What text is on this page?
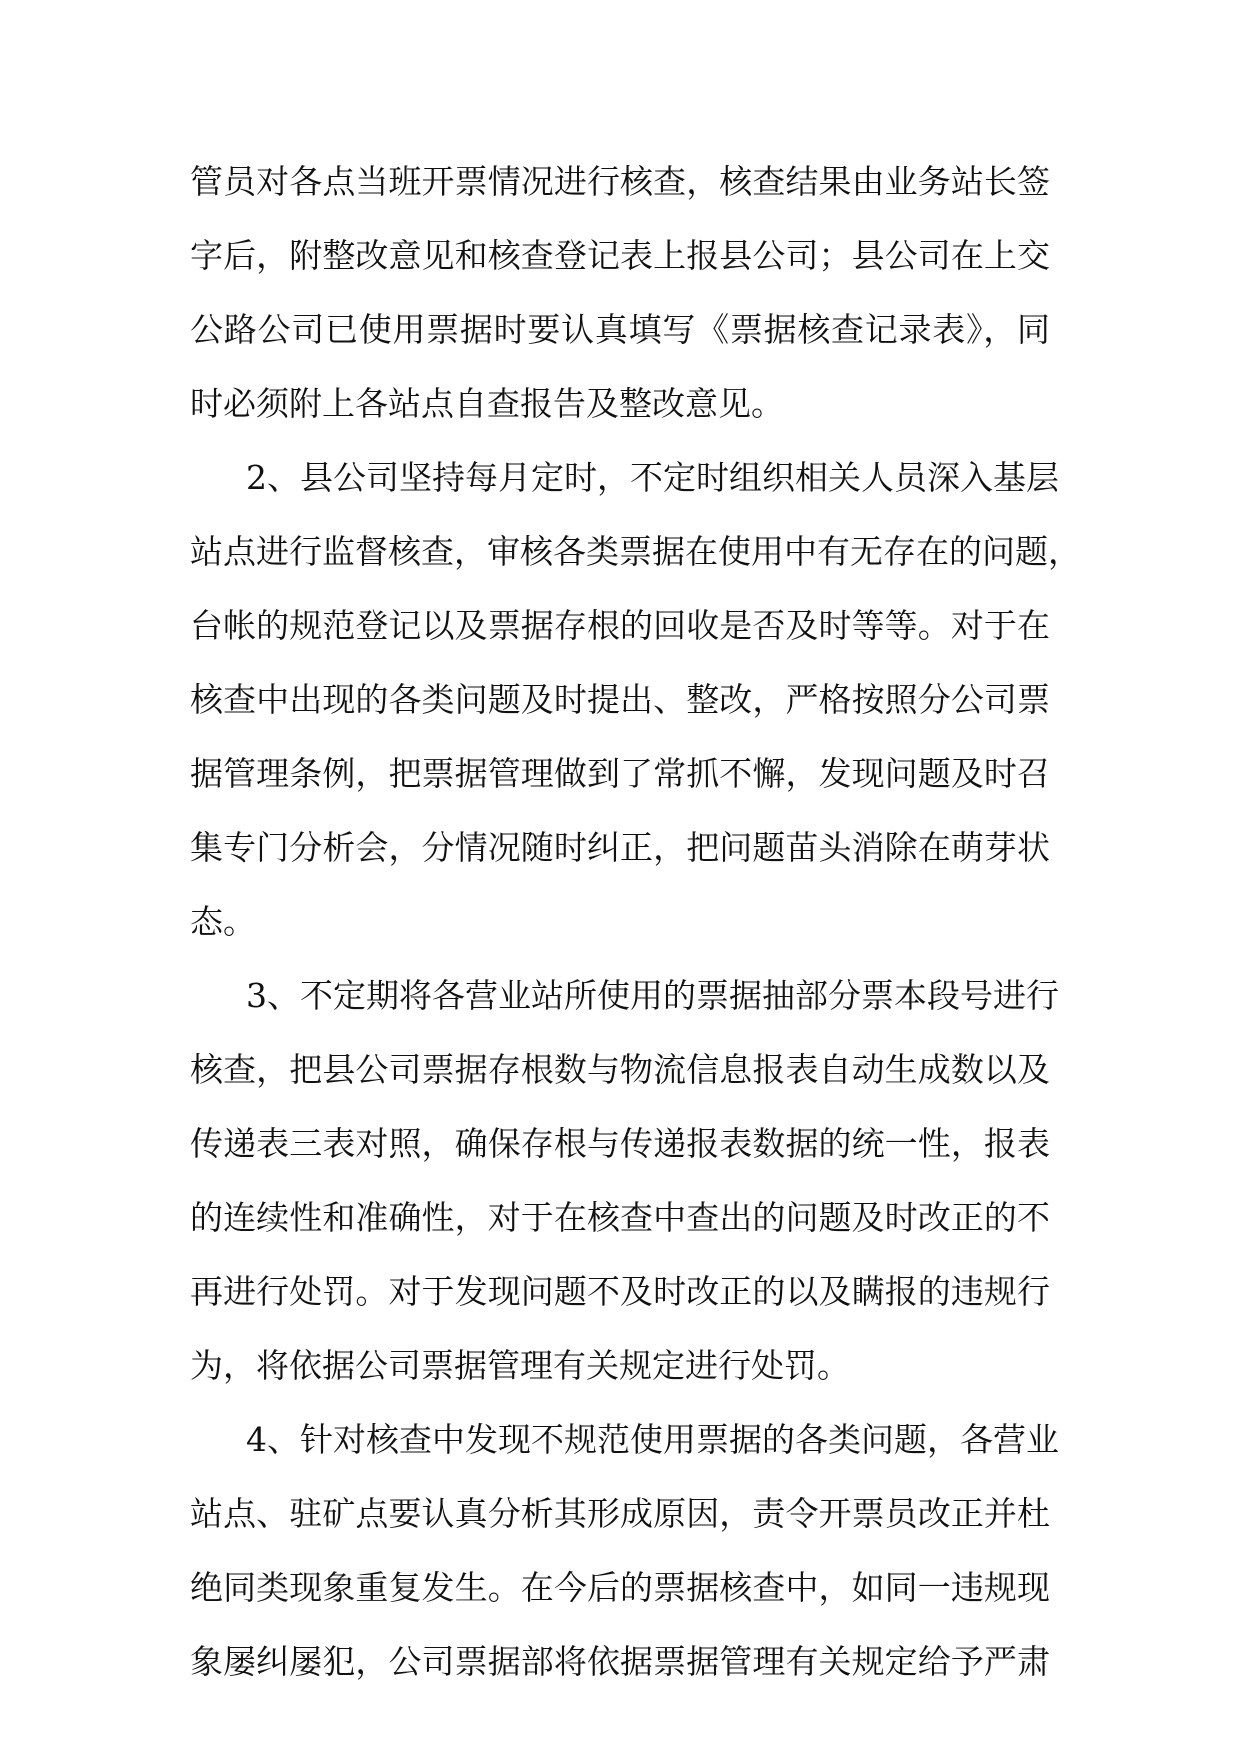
管员对各点当班开票情况进行核查，核查结果由业务站长签
字后，附整改意见和核查登记表上报县公司；县公司在上交
公路公司已使用票据时要认真填写《票据核查记录表》，同
时必须附上各站点自查报告及整改意见。
2、县公司坚持每月定时，不定时组织相关人员深入基层
站点进行监督核查，审核各类票据在使用中有无存在的问题，
台帐的规范登记以及票据存根的回收是否及时等等。对于在
核查中出现的各类问题及时提出、整改，严格按照分公司票
据管理条例，把票据管理做到了常抓不懈，发现问题及时召
集专门分析会，分情况随时纠正，把问题苗头消除在萌芽状
态。
3、不定期将各营业站所使用的票据抽部分票本段号进行
核查，把县公司票据存根数与物流信息报表自动生成数以及
传递表三表对照，确保存根与传递报表数据的统一性，报表
的连续性和准确性，对于在核查中查出的问题及时改正的不
再进行处罚。对于发现问题不及时改正的以及瞒报的违规行
为，将依据公司票据管理有关规定进行处罚。
4、针对核查中发现不规范使用票据的各类问题，各营业
站点、驻矿点要认真分析其形成原因，责令开票员改正并杜
绝同类现象重复发生。在今后的票据核查中，如同一违规现
象屡纠屡犯，公司票据部将依据票据管理有关规定给予严肃
